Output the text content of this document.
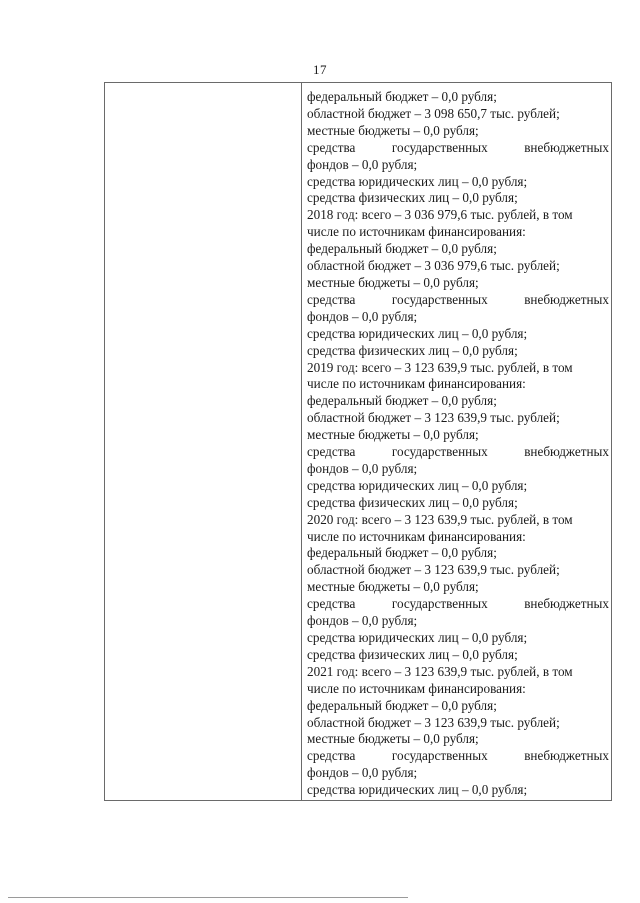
17
федеральный бюджет – 0,0 рубля;
областной бюджет – 3 098 650,7 тыс. рублей;
местные бюджеты – 0,0 рубля;
средства	государственных	внебюджетных
фондов – 0,0 рубля;
средства юридических лиц – 0,0 рубля;
средства физических лиц – 0,0 рубля;
2018 год: всего – 3 036 979,6 тыс. рублей, в том
числе по источникам финансирования:
федеральный бюджет – 0,0 рубля;
областной бюджет – 3 036 979,6 тыс. рублей;
местные бюджеты – 0,0 рубля;
средства	государственных	внебюджетных
фондов – 0,0 рубля;
средства юридических лиц – 0,0 рубля;
средства физических лиц – 0,0 рубля;
2019 год: всего – 3 123 639,9 тыс. рублей, в том
числе по источникам финансирования:
федеральный бюджет – 0,0 рубля;
областной бюджет – 3 123 639,9 тыс. рублей;
местные бюджеты – 0,0 рубля;
средства	государственных	внебюджетных
фондов – 0,0 рубля;
средства юридических лиц – 0,0 рубля;
средства физических лиц – 0,0 рубля;
2020 год: всего – 3 123 639,9 тыс. рублей, в том
числе по источникам финансирования:
федеральный бюджет – 0,0 рубля;
областной бюджет – 3 123 639,9 тыс. рублей;
местные бюджеты – 0,0 рубля;
средства	государственных	внебюджетных
фондов – 0,0 рубля;
средства юридических лиц – 0,0 рубля;
средства физических лиц – 0,0 рубля;
2021 год: всего – 3 123 639,9 тыс. рублей, в том
числе по источникам финансирования:
федеральный бюджет – 0,0 рубля;
областной бюджет – 3 123 639,9 тыс. рублей;
местные бюджеты – 0,0 рубля;
средства	государственных	внебюджетных
фондов – 0,0 рубля;
средства юридических лиц – 0,0 рубля;
